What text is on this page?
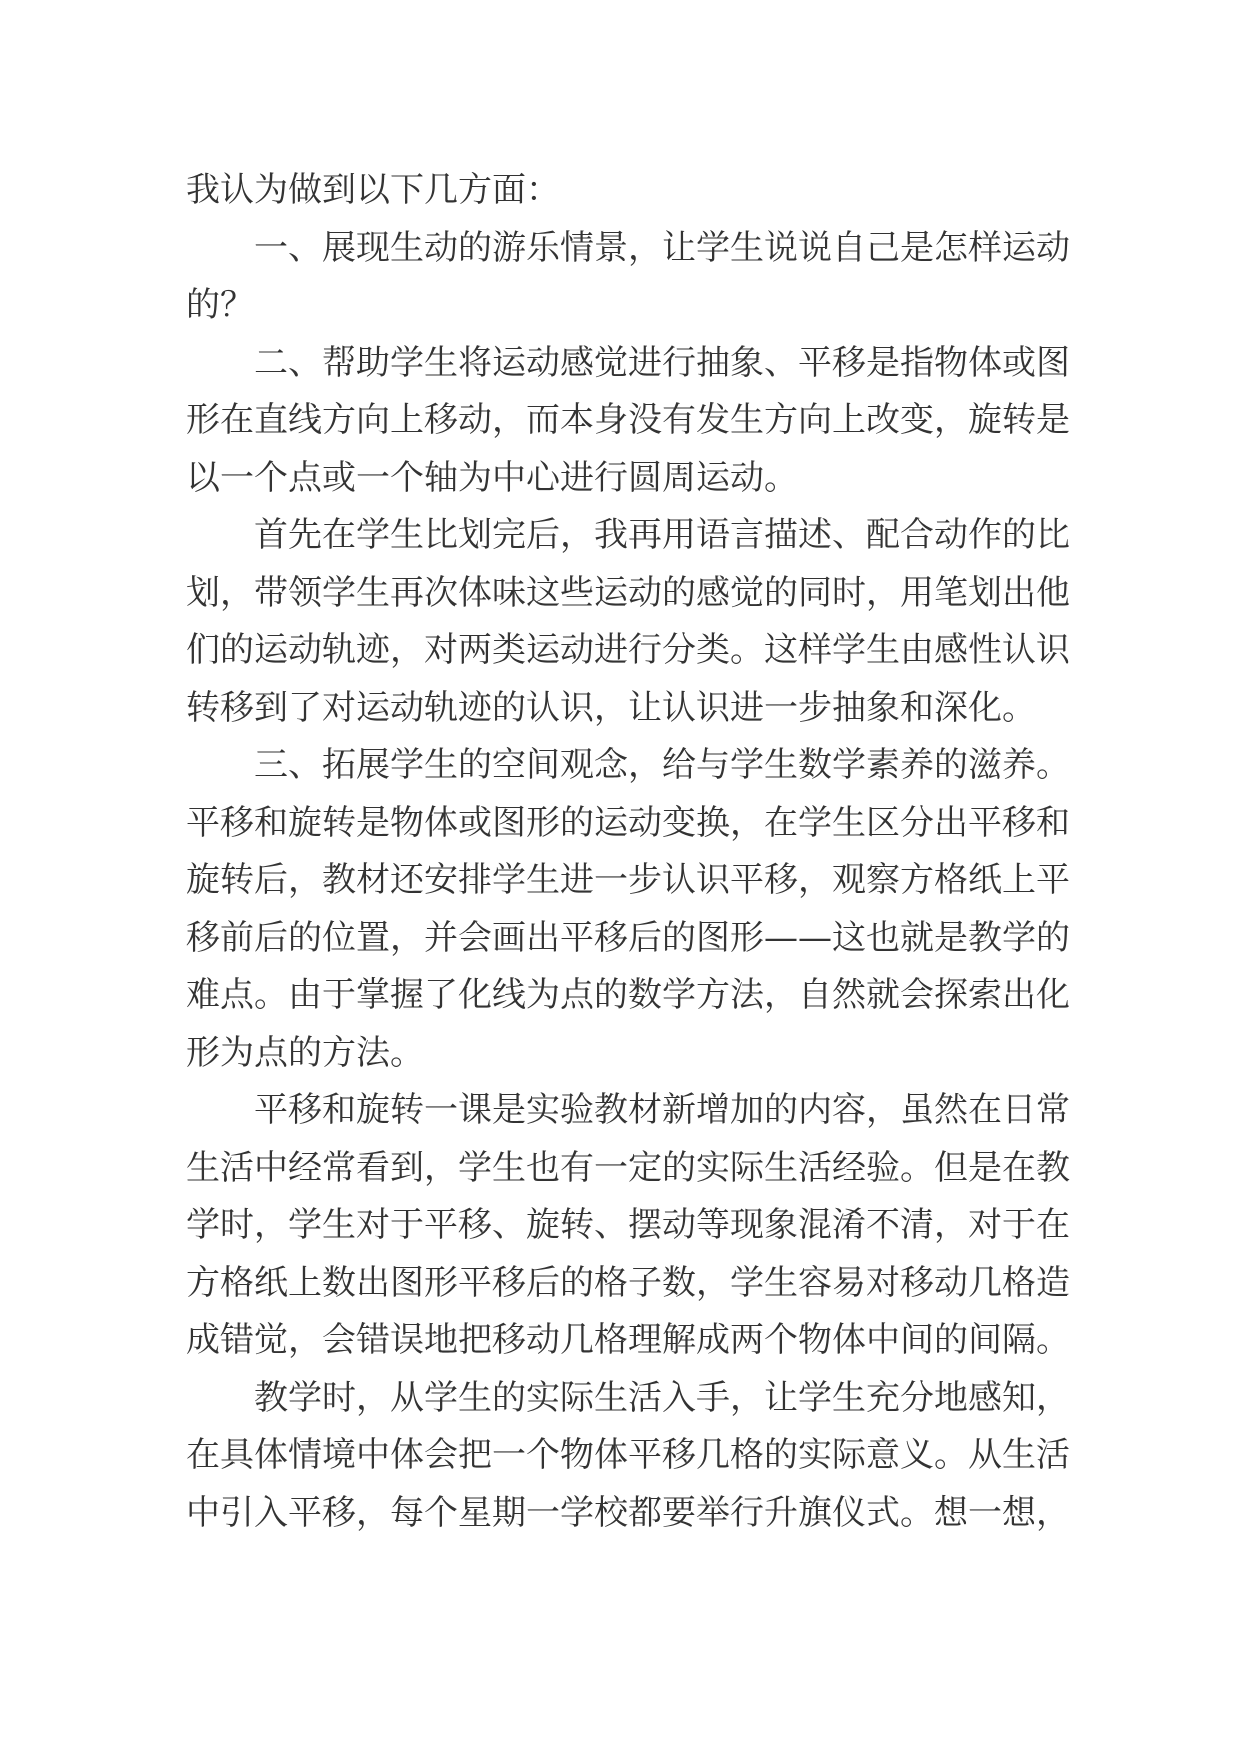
我认为做到以下几方面：
一、展现生动的游乐情景，让学生说说自己是怎样运动
的？
二、帮助学生将运动感觉进行抽象、平移是指物体或图
形在直线方向上移动，而本身没有发生方向上改变，旋转是
以一个点或一个轴为中心进行圆周运动。
首先在学生比划完后，我再用语言描述、配合动作的比
划，带领学生再次体味这些运动的感觉的同时，用笔划出他
们的运动轨迹，对两类运动进行分类。这样学生由感性认识
转移到了对运动轨迹的认识，让认识进一步抽象和深化。
三、拓展学生的空间观念，给与学生数学素养的滋养。
平移和旋转是物体或图形的运动变换，在学生区分出平移和
旋转后，教材还安排学生进一步认识平移，观察方格纸上平
移前后的位置，并会画出平移后的图形——这也就是教学的
难点。由于掌握了化线为点的数学方法，自然就会探索出化
形为点的方法。
平移和旋转一课是实验教材新增加的内容，虽然在日常
生活中经常看到，学生也有一定的实际生活经验。但是在教
学时，学生对于平移、旋转、摆动等现象混淆不清，对于在
方格纸上数出图形平移后的格子数，学生容易对移动几格造
成错觉，会错误地把移动几格理解成两个物体中间的间隔。
教学时，从学生的实际生活入手，让学生充分地感知，
在具体情境中体会把一个物体平移几格的实际意义。从生活
中引入平移，每个星期一学校都要举行升旗仪式。想一想，
